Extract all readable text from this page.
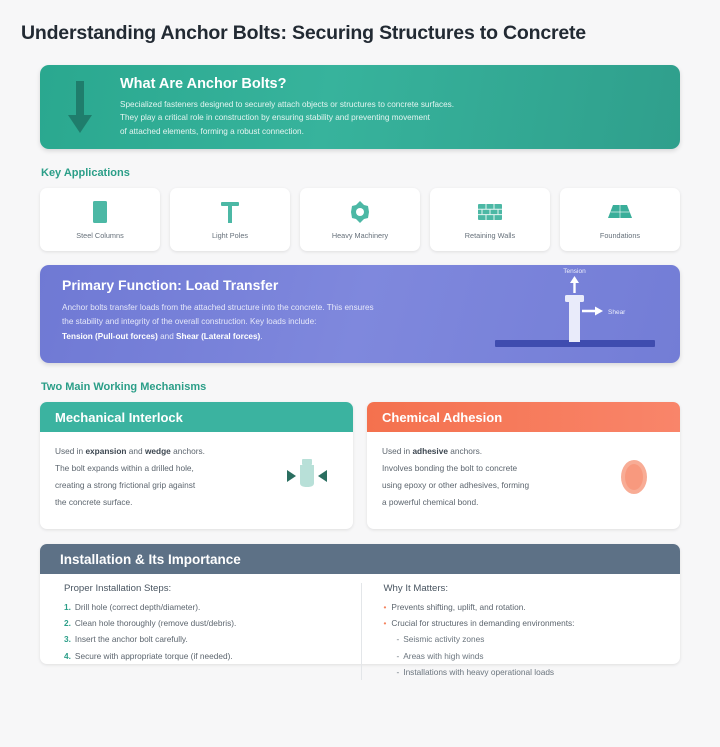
Understanding Anchor Bolts: Securing Structures to Concrete
What Are Anchor Bolts?
Specialized fasteners designed to securely attach objects or structures to concrete surfaces.
They play a critical role in construction by ensuring stability and preventing movement
of attached elements, forming a robust connection.
Key Applications
Steel Columns	Light Poles	Heavy Machinery	Retaining Walls	Foundations
Primary Function: Load Transfer
Anchor bolts transfer loads from the attached structure into the concrete. This ensures
the stability and integrity of the overall construction. Key loads include:
Tension (Pull-out forces) and Shear (Lateral forces).
Tension
Shear
Two Main Working Mechanisms
Mechanical Interlock
Used in expansion and wedge anchors.
The bolt expands within a drilled hole,
creating a strong frictional grip against
the concrete surface.
Chemical Adhesion
Used in adhesive anchors.
Involves bonding the bolt to concrete
using epoxy or other adhesives, forming
a powerful chemical bond.
Installation & Its Importance
Proper Installation Steps:
1. Drill hole (correct depth/diameter).
2. Clean hole thoroughly (remove dust/debris).
3. Insert the anchor bolt carefully.
4. Secure with appropriate torque (if needed).
Why It Matters:
• Prevents shifting, uplift, and rotation.
• Crucial for structures in demanding environments:
- Seismic activity zones
- Areas with high winds
- Installations with heavy operational loads
